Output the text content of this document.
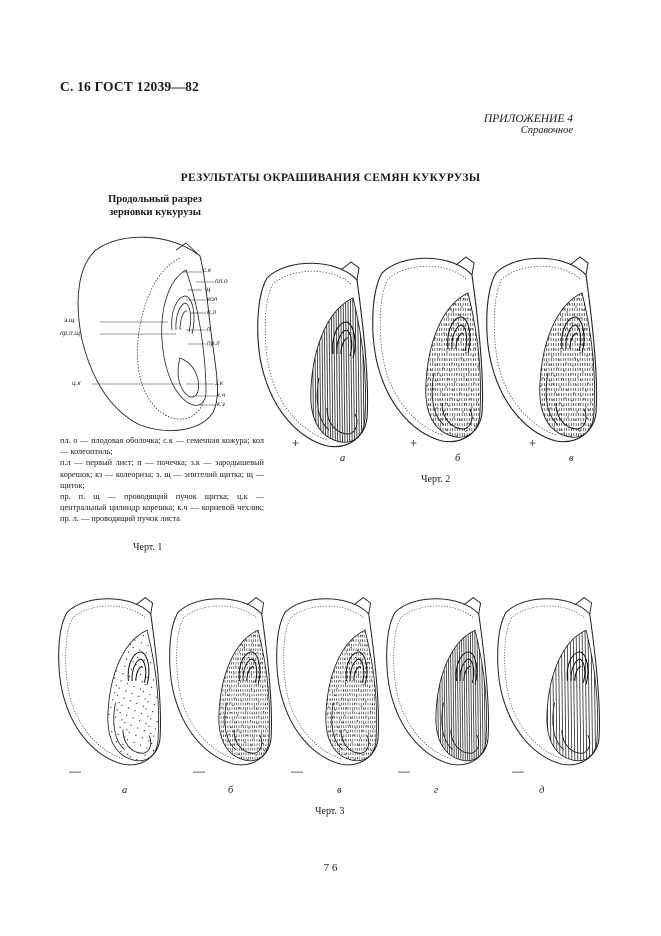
С. 16 ГОСТ 12039—82
ПРИЛОЖЕНИЕ 4
Справочное
РЕЗУЛЬТАТЫ ОКРАШИВАНИЯ СЕМЯН КУКУРУЗЫ
Продольный разрез
зерновки кукурузы
с.к
пл.о
щ
кол
п.л
п
пр.л
з.к
к.ч
к.з
э.щ
пр.п.щ
ц.к

пл. о — плодовая оболочка; с.к — семенная кожура; кол — колеоптиль;

п.л — первый лист; п — почечка; з.к — зародышевый корешок; кз — колеориза; э. щ — эпителий щитка; щ — щиток;

пр. п. щ — проводящий пучок щитка; ц.к — центральный цилиндр корешка; к.ч — корневой чехлик; пр. л. — проводящий пучок листа

Черт. 1
+	+	+
а	б	в
Черт. 2
—	—	—	—	—
а	б	в	г	д
Черт. 3
7 6
